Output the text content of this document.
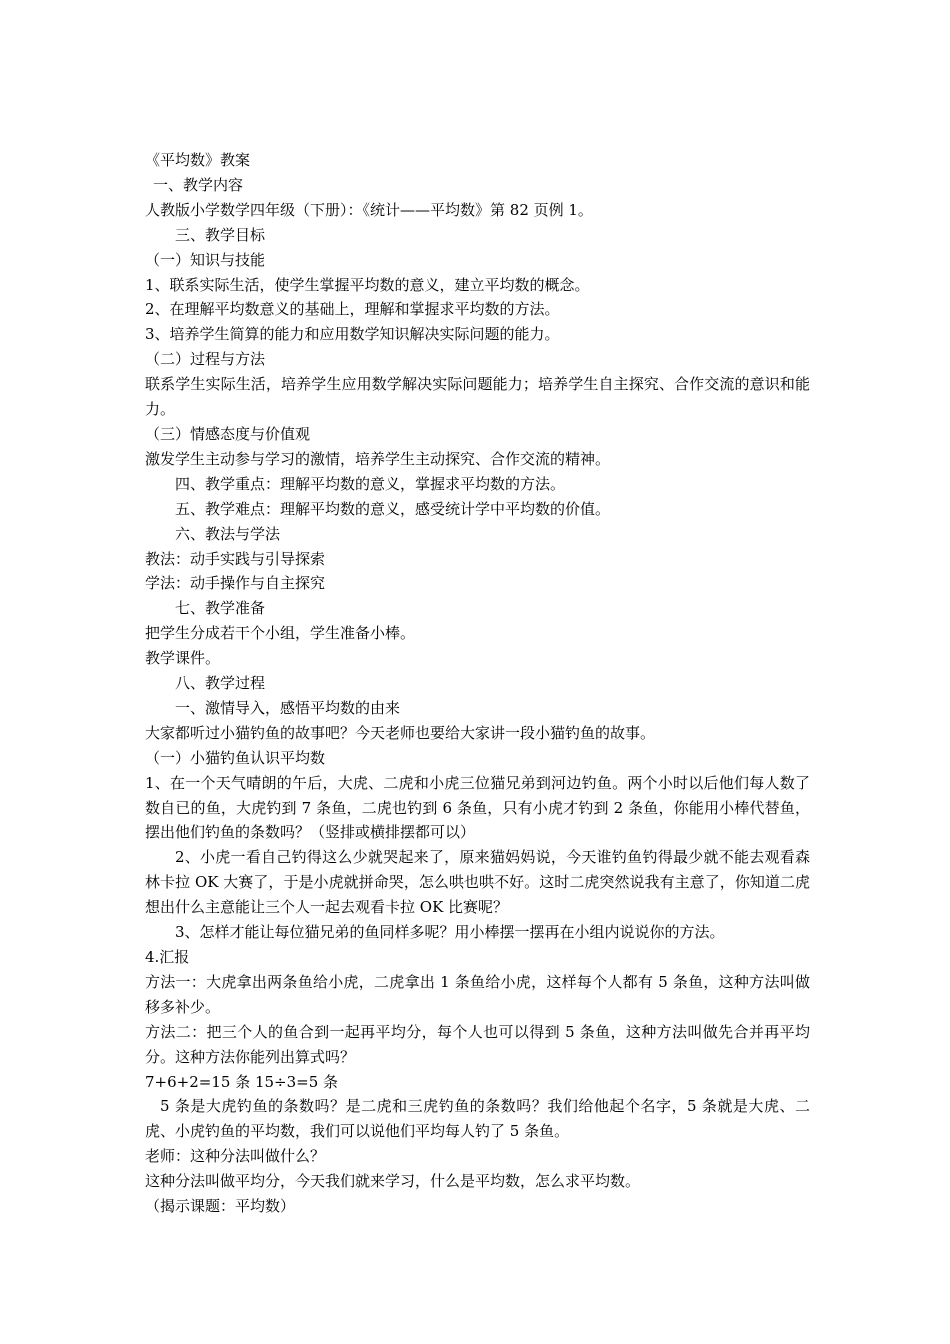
《平均数》教案

一、教学内容

人教版小学数学四年级（下册）：《统计——平均数》第 82 页例 1。

三、教学目标

（一）知识与技能

1、联系实际生活，使学生掌握平均数的意义，建立平均数的概念。

2、在理解平均数意义的基础上，理解和掌握求平均数的方法。

3、培养学生简算的能力和应用数学知识解决实际问题的能力。

（二）过程与方法

联系学生实际生活，培养学生应用数学解决实际问题能力；培养学生自主探究、合作交流的意识和能力。

（三）情感态度与价值观

激发学生主动参与学习的激情，培养学生主动探究、合作交流的精神。

四、教学重点：理解平均数的意义，掌握求平均数的方法。

五、教学难点：理解平均数的意义，感受统计学中平均数的价值。

六、教法与学法

教法：动手实践与引导探索

学法：动手操作与自主探究

七、教学准备

把学生分成若干个小组，学生准备小棒。

教学课件。

八、教学过程

一、激情导入，感悟平均数的由来

大家都听过小猫钓鱼的故事吧？今天老师也要给大家讲一段小猫钓鱼的故事。

（一）小猫钓鱼认识平均数

1、在一个天气晴朗的午后，大虎、二虎和小虎三位猫兄弟到河边钓鱼。两个小时以后他们每人数了数自已的鱼，大虎钓到 7 条鱼，二虎也钓到 6 条鱼，只有小虎才钓到 2 条鱼，你能用小棒代替鱼，摆出他们钓鱼的条数吗？（竖排或横排摆都可以）

2、小虎一看自己钓得这么少就哭起来了，原来猫妈妈说，今天谁钓鱼钓得最少就不能去观看森林卡拉 OK 大赛了，于是小虎就拼命哭，怎么哄也哄不好。这时二虎突然说我有主意了，你知道二虎想出什么主意能让三个人一起去观看卡拉 OK 比赛呢？

3、怎样才能让每位猫兄弟的鱼同样多呢？用小棒摆一摆再在小组内说说你的方法。

4.汇报

方法一：大虎拿出两条鱼给小虎，二虎拿出 1 条鱼给小虎，这样每个人都有 5 条鱼，这种方法叫做移多补少。

方法二：把三个人的鱼合到一起再平均分，每个人也可以得到 5 条鱼，这种方法叫做先合并再平均分。这种方法你能列出算式吗？

7+6+2=15 条 15÷3=5 条

5 条是大虎钓鱼的条数吗？是二虎和三虎钓鱼的条数吗？我们给他起个名字，5 条就是大虎、二虎、小虎钓鱼的平均数，我们可以说他们平均每人钓了 5 条鱼。

老师：这种分法叫做什么？

这种分法叫做平均分，今天我们就来学习，什么是平均数，怎么求平均数。

（揭示课题：平均数）
